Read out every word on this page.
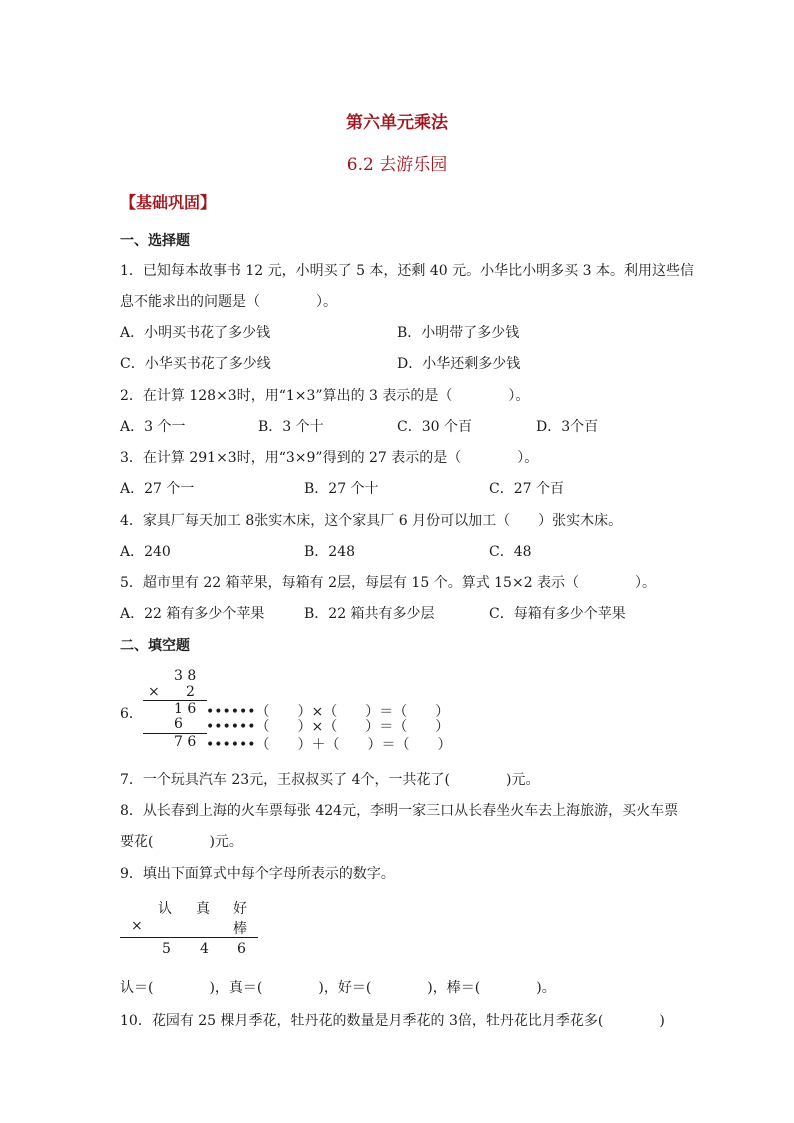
第六单元乘法
6.2 去游乐园
【基础巩固】
一、选择题
1．已知每本故事书 12 元，小明买了 5 本，还剩 40 元。小华比小明多买 3 本。利用这些信
息不能求出的问题是（　　　　）。
A．小明买书花了多少钱	B．小明带了多少钱
C．小华买书花了多少线	D．小华还剩多少钱
2．在计算 128×3时，用“1×3”算出的 3 表示的是（　　　　）。
A．3 个一	B．3 个十	C．30 个百	D．3个百
3．在计算 291×3时，用“3×9”得到的 27 表示的是（　　　　）。
A．27 个一	B．27 个十	C．27 个百
4．家具厂每天加工 8张实木床，这个家具厂 6 月份可以加工（　　）张实木床。
A．240	B．248	C．48
5．超市里有 22 箱苹果，每箱有 2层，每层有 15 个。算式 15×2 表示（　　　　）。
A．22 箱有多少个苹果	B．22 箱共有多少层	C．每箱有多少个苹果
二、填空题
6．
3 8
× 2
1 6
6
7 6
••••••（　　）×（　　）＝（　　）
••••••（　　）×（　　）＝（　　）
••••••（　　）＋（　　）＝（　　）
7．一个玩具汽车 23元，王叔叔买了 4个，一共花了(　　　　)元。
8．从长春到上海的火车票每张 424元，李明一家三口从长春坐火车去上海旅游，买火车票
要花(　　　　)元。
9．填出下面算式中每个字母所表示的数字。
认 真 好
×	棒
5 4 6
认＝(　　　　)，真＝(　　　　)，好＝(　　　　)，棒＝(　　　　)。
10．花园有 25 棵月季花，牡丹花的数量是月季花的 3倍，牡丹花比月季花多(　　　　)
